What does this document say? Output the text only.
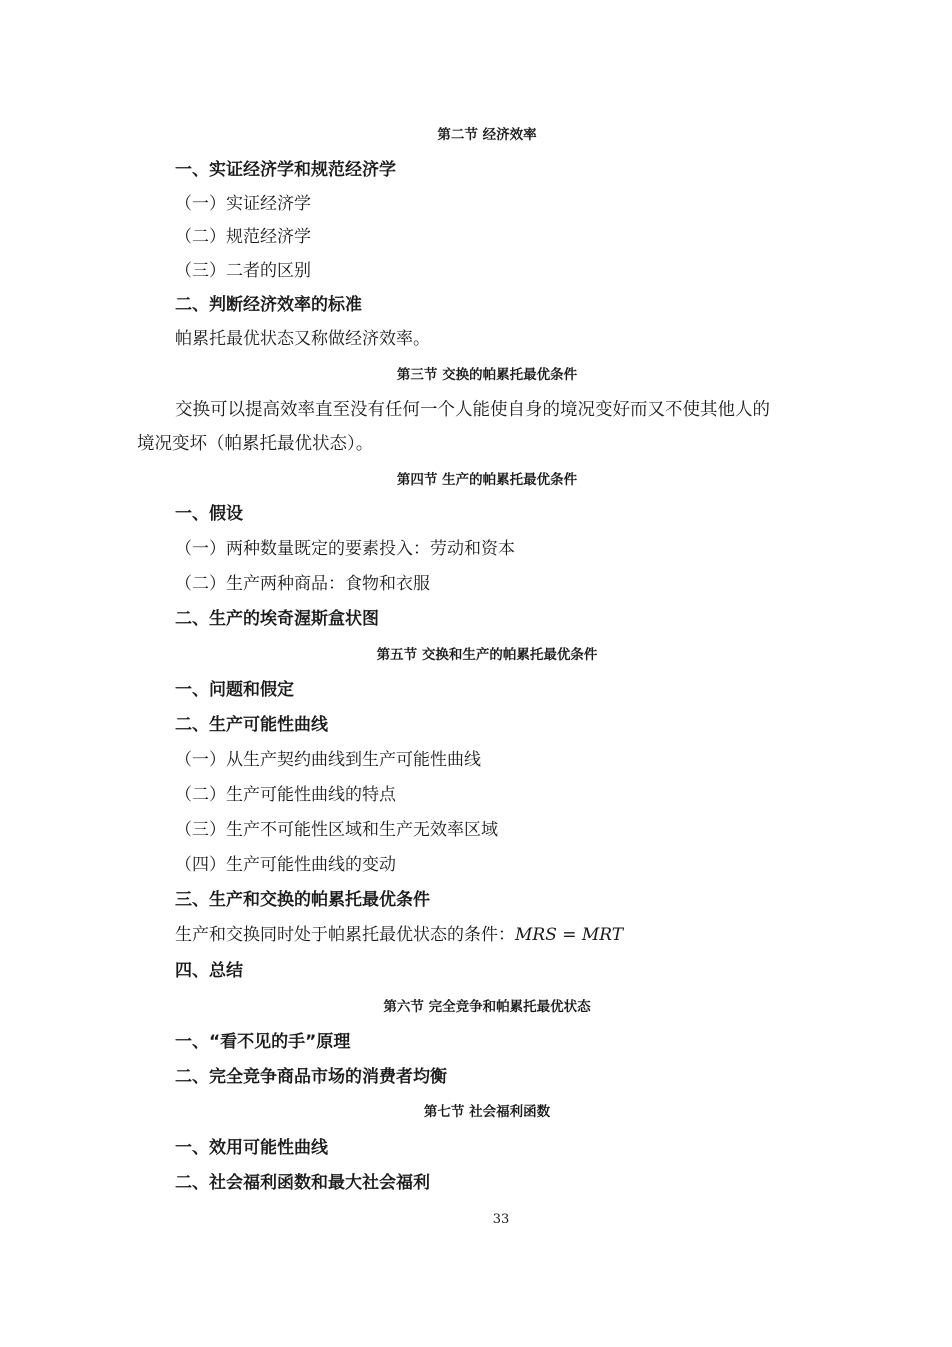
第二节 经济效率
一、实证经济学和规范经济学
（一）实证经济学
（二）规范经济学
（三）二者的区别
二、判断经济效率的标准
帕累托最优状态又称做经济效率。
第三节 交换的帕累托最优条件
交换可以提高效率直至没有任何一个人能使自身的境况变好而又不使其他人的
境况变坏（帕累托最优状态）。
第四节 生产的帕累托最优条件
一、假设
（一）两种数量既定的要素投入：劳动和资本
（二）生产两种商品：食物和衣服
二、生产的埃奇渥斯盒状图
第五节 交换和生产的帕累托最优条件
一、问题和假定
二、生产可能性曲线
（一）从生产契约曲线到生产可能性曲线
（二）生产可能性曲线的特点
（三）生产不可能性区域和生产无效率区域
（四）生产可能性曲线的变动
三、生产和交换的帕累托最优条件
生产和交换同时处于帕累托最优状态的条件：MRS = MRT
四、总结
第六节 完全竞争和帕累托最优状态
一、“看不见的手”原理
二、完全竞争商品市场的消费者均衡
第七节 社会福利函数
一、效用可能性曲线
二、社会福利函数和最大社会福利
33
